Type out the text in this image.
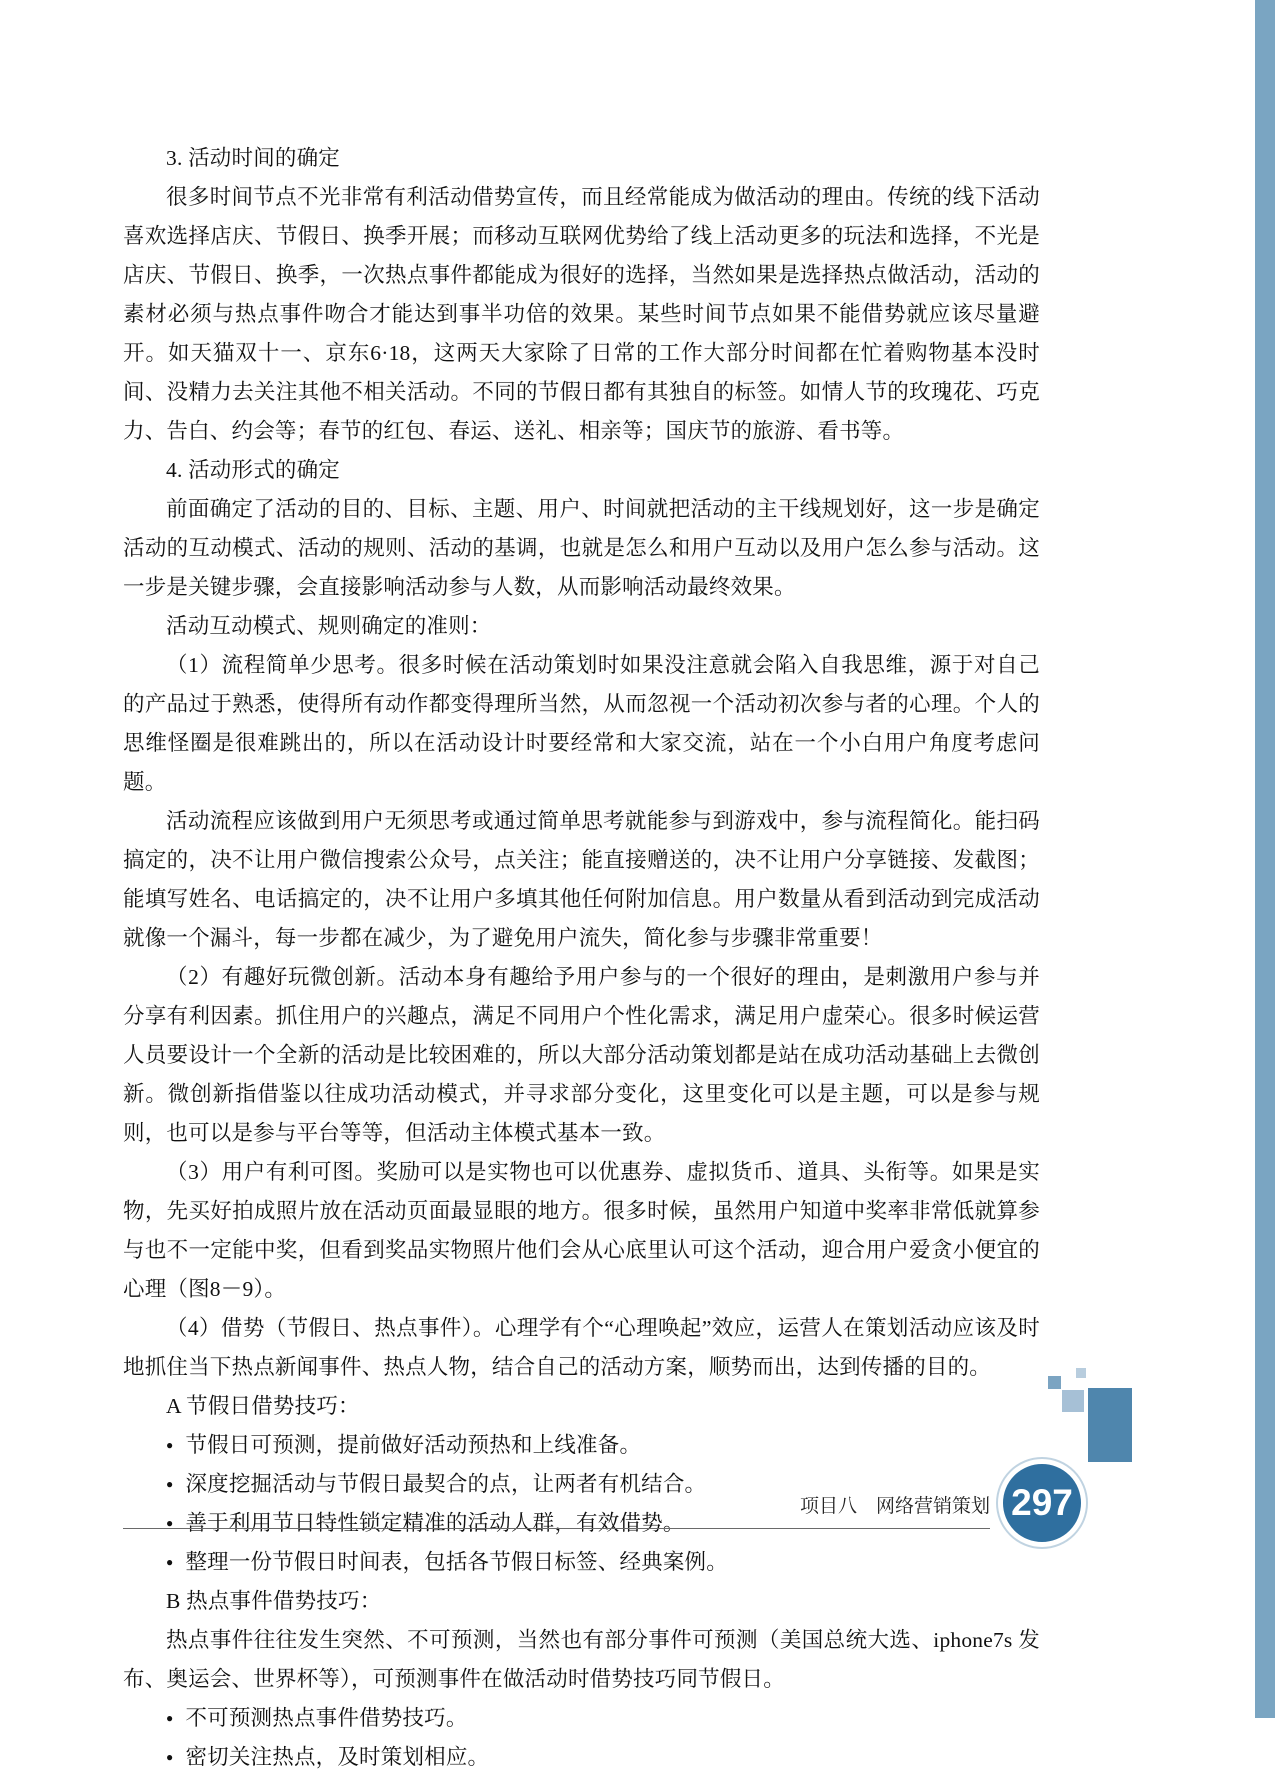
3. 活动时间的确定

很多时间节点不光非常有利活动借势宣传，而且经常能成为做活动的理由。传统的线下活动喜欢选择店庆、节假日、换季开展；而移动互联网优势给了线上活动更多的玩法和选择，不光是店庆、节假日、换季，一次热点事件都能成为很好的选择，当然如果是选择热点做活动，活动的素材必须与热点事件吻合才能达到事半功倍的效果。某些时间节点如果不能借势就应该尽量避开。如天猫双十一、京东6·18，这两天大家除了日常的工作大部分时间都在忙着购物基本没时间、没精力去关注其他不相关活动。不同的节假日都有其独自的标签。如情人节的玫瑰花、巧克力、告白、约会等；春节的红包、春运、送礼、相亲等；国庆节的旅游、看书等。

4. 活动形式的确定

前面确定了活动的目的、目标、主题、用户、时间就把活动的主干线规划好，这一步是确定活动的互动模式、活动的规则、活动的基调，也就是怎么和用户互动以及用户怎么参与活动。这一步是关键步骤，会直接影响活动参与人数，从而影响活动最终效果。

活动互动模式、规则确定的准则：

（1）流程简单少思考。很多时候在活动策划时如果没注意就会陷入自我思维，源于对自己的产品过于熟悉，使得所有动作都变得理所当然，从而忽视一个活动初次参与者的心理。个人的思维怪圈是很难跳出的，所以在活动设计时要经常和大家交流，站在一个小白用户角度考虑问题。

活动流程应该做到用户无须思考或通过简单思考就能参与到游戏中，参与流程简化。能扫码搞定的，决不让用户微信搜索公众号，点关注；能直接赠送的，决不让用户分享链接、发截图；能填写姓名、电话搞定的，决不让用户多填其他任何附加信息。用户数量从看到活动到完成活动就像一个漏斗，每一步都在减少，为了避免用户流失，简化参与步骤非常重要！

（2）有趣好玩微创新。活动本身有趣给予用户参与的一个很好的理由，是刺激用户参与并分享有利因素。抓住用户的兴趣点，满足不同用户个性化需求，满足用户虚荣心。很多时候运营人员要设计一个全新的活动是比较困难的，所以大部分活动策划都是站在成功活动基础上去微创新。微创新指借鉴以往成功活动模式，并寻求部分变化，这里变化可以是主题，可以是参与规则，也可以是参与平台等等，但活动主体模式基本一致。

（3）用户有利可图。奖励可以是实物也可以优惠券、虚拟货币、道具、头衔等。如果是实物，先买好拍成照片放在活动页面最显眼的地方。很多时候，虽然用户知道中奖率非常低就算参与也不一定能中奖，但看到奖品实物照片他们会从心底里认可这个活动，迎合用户爱贪小便宜的心理（图8－9）。

（4）借势（节假日、热点事件）。心理学有个“心理唤起”效应，运营人在策划活动应该及时地抓住当下热点新闻事件、热点人物，结合自己的活动方案，顺势而出，达到传播的目的。

A 节假日借势技巧：

● 节假日可预测，提前做好活动预热和上线准备。
● 深度挖掘活动与节假日最契合的点，让两者有机结合。
● 善于利用节日特性锁定精准的活动人群，有效借势。
● 整理一份节假日时间表，包括各节假日标签、经典案例。

B 热点事件借势技巧：

热点事件往往发生突然、不可预测，当然也有部分事件可预测（美国总统大选、iphone7s 发布、奥运会、世界杯等），可预测事件在做活动时借势技巧同节假日。

● 不可预测热点事件借势技巧。
● 密切关注热点，及时策划相应。
项目八　网络营销策划 297
